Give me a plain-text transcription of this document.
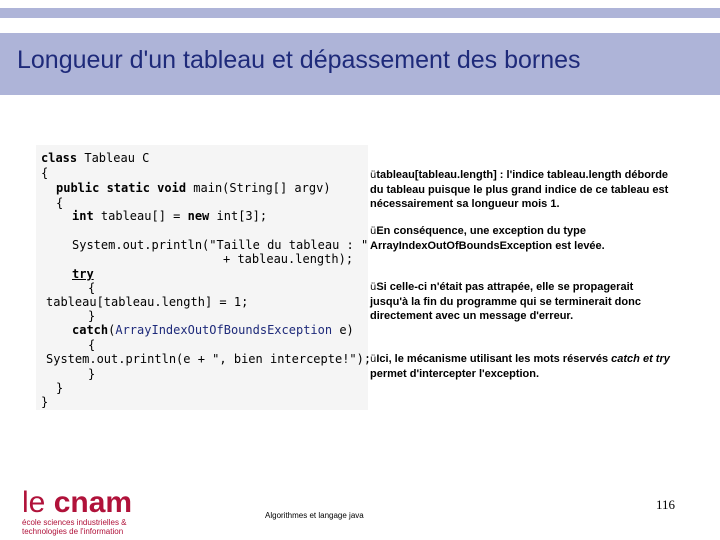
Longueur d'un tableau et dépassement des bornes
class Tableau C
{
public static void main(String[] argv)
{
int tableau[] = new int[3];
System.out.println("Taille du tableau : "
+ tableau.length);
try
{
tableau[tableau.length] = 1;
}
catch(ArrayIndexOutOfBoundsException e)
{
System.out.println(e + ", bien intercepte!");
}
}
}
ütableau[tableau.length] : l'indice tableau.length déborde du tableau puisque le plus grand indice de ce tableau est nécessairement sa longueur mois 1.
üEn conséquence, une exception du type ArrayIndexOutOfBoundsException est levée.
üSi celle-ci n'était pas attrapée, elle se propagerait jusqu'à la fin du programme qui se terminerait donc directement avec un message d'erreur.
üIci, le mécanisme utilisant les mots réservés catch et try permet d'intercepter l'exception.
le cnam
école sciences industrielles &
technologies de l'information
Algorithmes et langage java
116
